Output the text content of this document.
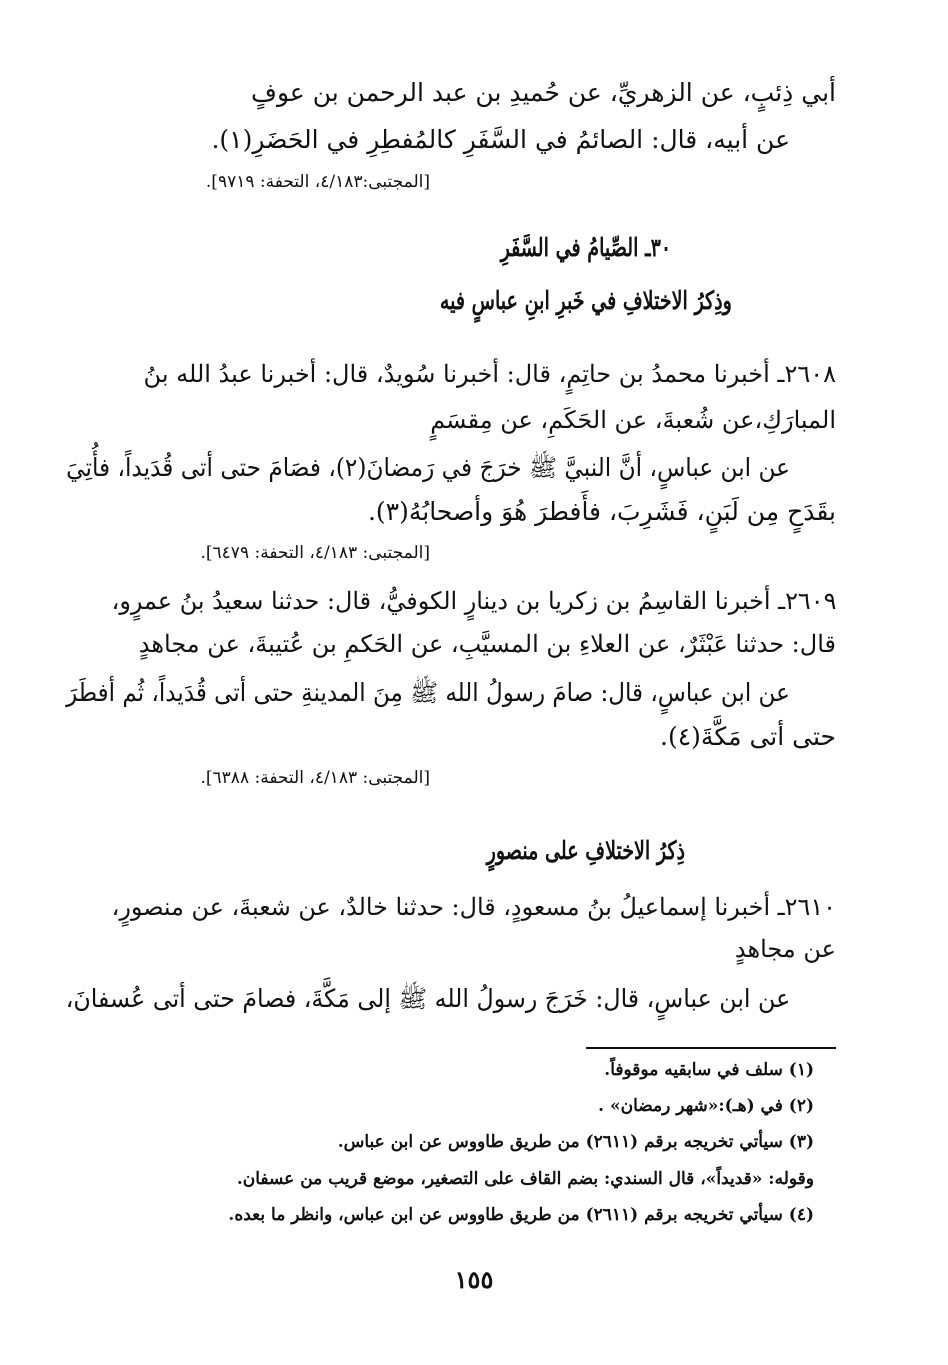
أبي ذِئبٍ، عن الزهريِّ، عن حُميدِ بن عبد الرحمن بن عوفٍ
عن أبيه، قال: الصائمُ في السَّفَرِ كالمُفطِرِ في الحَضَرِ(١).
[المجتبى:٤/١٨٣، التحفة: ٩٧١٩].
٣٠ـ الصِّيامُ في السَّفَرِ
وذِكرُ الاختلافِ في خَبرِ ابنِ عباسٍ فيه
٢٦٠٨ـ أخبرنا محمدُ بن حاتِمٍ، قال: أخبرنا سُويدٌ، قال: أخبرنا عبدُ الله بنُ
المبارَكِ،عن شُعبةَ، عن الحَكَمِ، عن مِقسَمٍ
عن ابن عباسٍ، أنَّ النبيَّ ﷺ خرَجَ في رَمضانَ(٢)، فصَامَ حتى أتى قُدَيداً، فأُتِيَ
بقَدَحٍ مِن لَبَنٍ، فَشَرِبَ، فأَفطرَ هُوَ وأصحابُهُ(٣).
[المجتبى: ٤/١٨٣، التحفة: ٦٤٧٩].
٢٦٠٩ـ أخبرنا القاسِمُ بن زكريا بن دينارٍ الكوفيُّ، قال: حدثنا سعيدُ بنُ عمرٍو،
قال: حدثنا عَبْثَرٌ، عن العلاءِ بن المسيَّبِ، عن الحَكمِ بن عُتيبةَ، عن مجاهدٍ
عن ابن عباسٍ، قال: صامَ رسولُ الله ﷺ مِنَ المدينةِ حتى أتى قُدَيداً، ثُم أفطَرَ
حتى أتى مَكَّةَ(٤).
[المجتبى: ٤/١٨٣، التحفة: ٦٣٨٨].
ذِكرُ الاختلافِ على منصورٍ
٢٦١٠ـ أخبرنا إسماعيلُ بنُ مسعودٍ، قال: حدثنا خالدٌ، عن شعبةَ، عن منصورٍ،
عن مجاهدٍ
عن ابن عباسٍ، قال: خَرَجَ رسولُ الله ﷺ إلى مَكَّةَ، فصامَ حتى أتى عُسفانَ،
(١) سلف في سابقيه موقوفاً.
(٢) في (هـ):«شهر رمضان» .
(٣) سيأتي تخريجه برقم (٢٦١١) من طريق طاووس عن ابن عباس.
وقوله: «قديداً»، قال السندي: بضم القاف على التصغير، موضع قريب من عسفان.
(٤) سيأتي تخريجه برقم (٢٦١١) من طريق طاووس عن ابن عباس، وانظر ما بعده.
١٥٥
